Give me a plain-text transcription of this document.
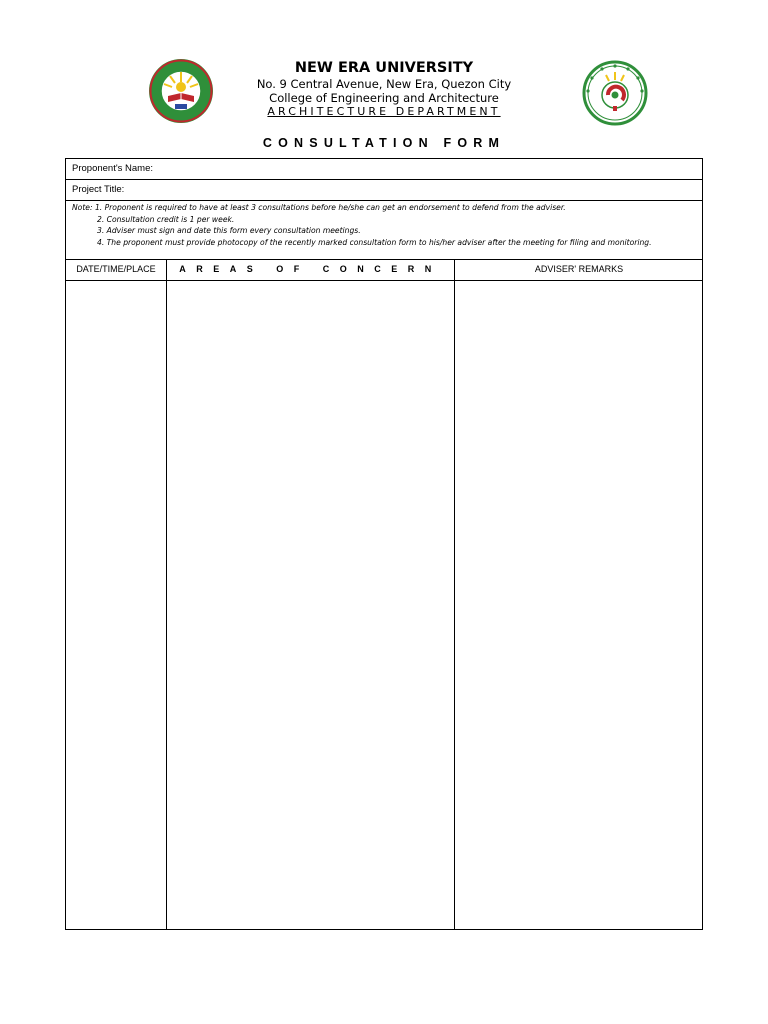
NEW ERA UNIVERSITY
No. 9 Central Avenue, New Era, Quezon City
College of Engineering and Architecture
ARCHITECTURE DEPARTMENT
CONSULTATION FORM
Proponent's Name:
Project Title:
Note: 1. Proponent is required to have at least 3 consultations before he/she can get an endorsement to defend from the adviser.
2. Consultation credit is 1 per week.
3. Adviser must sign and date this form every consultation meetings.
4. The proponent must provide photocopy of the recently marked consultation form to his/her adviser after the meeting for filing and monitoring.
DATE/TIME/PLACE	AREAS OF CONCERN	ADVISER' REMARKS
